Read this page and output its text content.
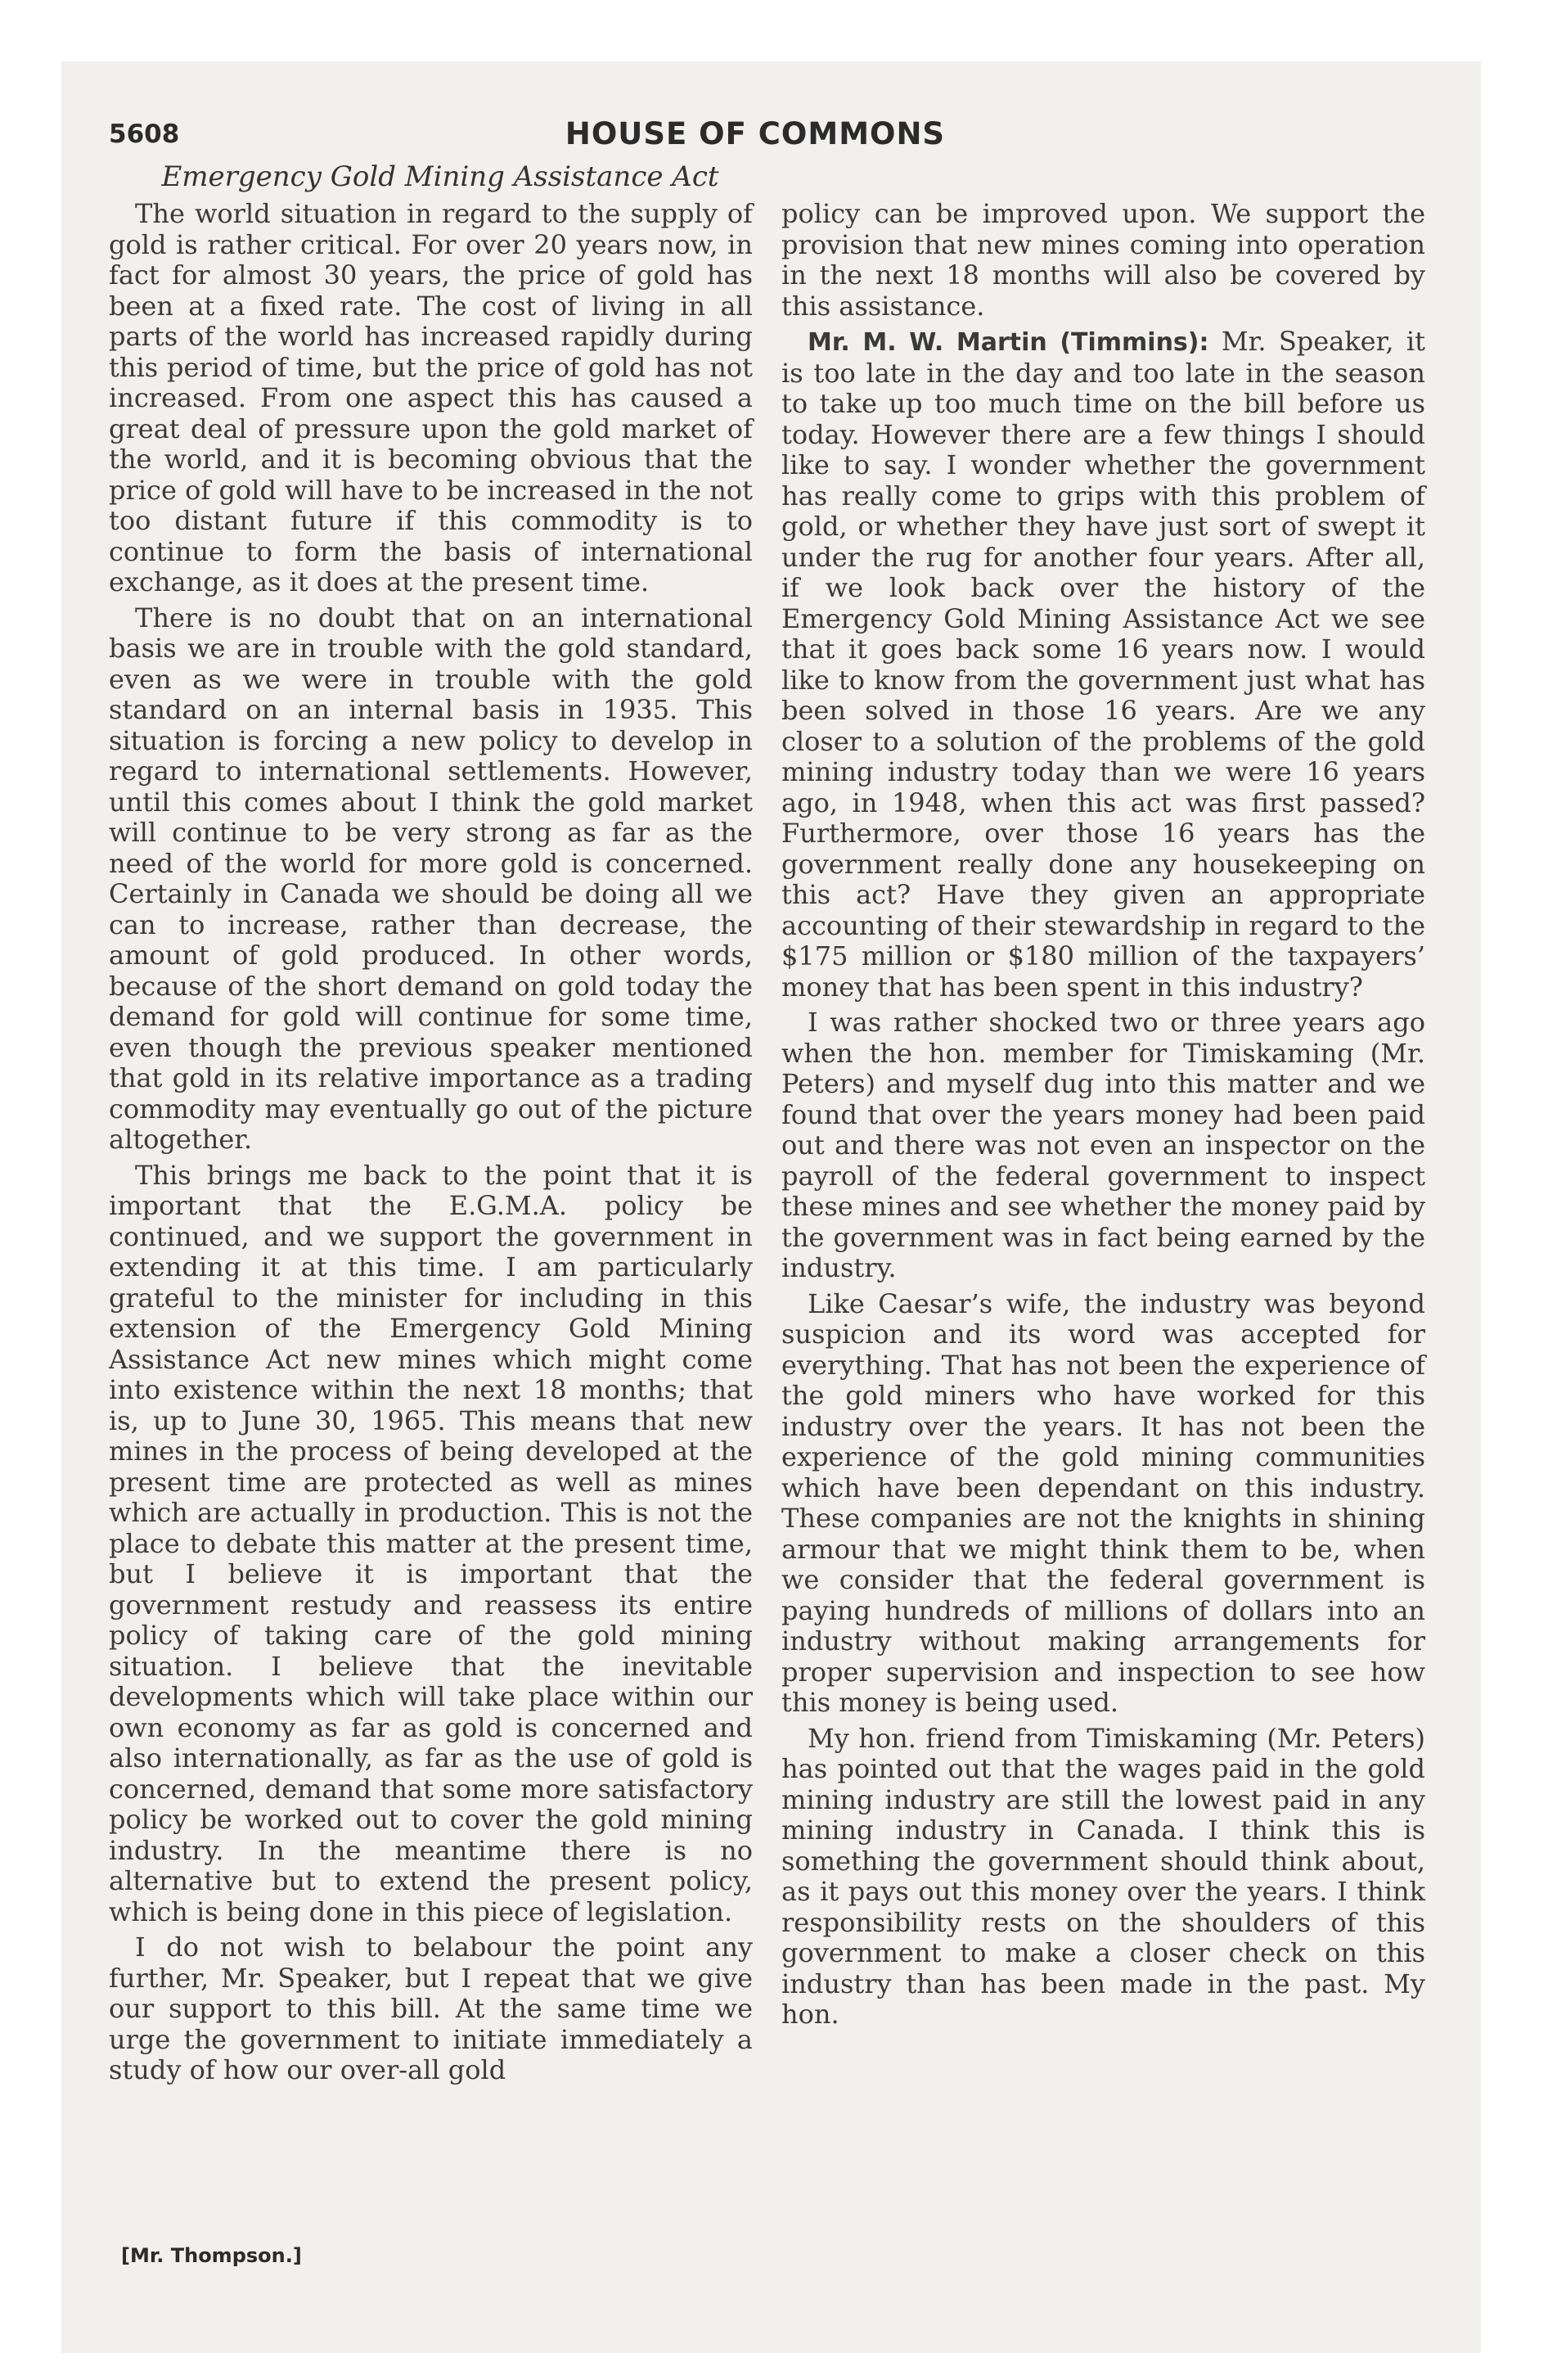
5608	HOUSE OF COMMONS
Emergency Gold Mining Assistance Act

The world situation in regard to the supply of gold is rather critical. For over 20 years now, in fact for almost 30 years, the price of gold has been at a fixed rate. The cost of living in all parts of the world has increased rapidly during this period of time, but the price of gold has not increased. From one aspect this has caused a great deal of pressure upon the gold market of the world, and it is becoming obvious that the price of gold will have to be increased in the not too distant future if this commodity is to continue to form the basis of international exchange, as it does at the present time.

There is no doubt that on an international basis we are in trouble with the gold standard, even as we were in trouble with the gold standard on an internal basis in 1935. This situation is forcing a new policy to develop in regard to international settlements. However, until this comes about I think the gold market will continue to be very strong as far as the need of the world for more gold is concerned. Certainly in Canada we should be doing all we can to increase, rather than decrease, the amount of gold produced. In other words, because of the short demand on gold today the demand for gold will continue for some time, even though the previous speaker mentioned that gold in its relative importance as a trading commodity may eventually go out of the picture altogether.

This brings me back to the point that it is important that the E.G.M.A. policy be continued, and we support the government in extending it at this time. I am particularly grateful to the minister for including in this extension of the Emergency Gold Mining Assistance Act new mines which might come into existence within the next 18 months; that is, up to June 30, 1965. This means that new mines in the process of being developed at the present time are protected as well as mines which are actually in production. This is not the place to debate this matter at the present time, but I believe it is important that the government restudy and reassess its entire policy of taking care of the gold mining situation. I believe that the inevitable developments which will take place within our own economy as far as gold is concerned and also internationally, as far as the use of gold is concerned, demand that some more satisfactory policy be worked out to cover the gold mining industry. In the meantime there is no alternative but to extend the present policy, which is being done in this piece of legislation.

I do not wish to belabour the point any further, Mr. Speaker, but I repeat that we give our support to this bill. At the same time we urge the government to initiate immediately a study of how our over-all gold

policy can be improved upon. We support the provision that new mines coming into operation in the next 18 months will also be covered by this assistance.

Mr. M. W. Martin (Timmins): Mr. Speaker, it is too late in the day and too late in the season to take up too much time on the bill before us today. However there are a few things I should like to say. I wonder whether the government has really come to grips with this problem of gold, or whether they have just sort of swept it under the rug for another four years. After all, if we look back over the history of the Emergency Gold Mining Assistance Act we see that it goes back some 16 years now. I would like to know from the government just what has been solved in those 16 years. Are we any closer to a solution of the problems of the gold mining industry today than we were 16 years ago, in 1948, when this act was first passed? Furthermore, over those 16 years has the government really done any housekeeping on this act? Have they given an appropriate accounting of their stewardship in regard to the $175 million or $180 million of the taxpayers’ money that has been spent in this industry?

I was rather shocked two or three years ago when the hon. member for Timiskaming (Mr. Peters) and myself dug into this matter and we found that over the years money had been paid out and there was not even an inspector on the payroll of the federal government to inspect these mines and see whether the money paid by the government was in fact being earned by the industry.

Like Caesar’s wife, the industry was beyond suspicion and its word was accepted for everything. That has not been the experience of the gold miners who have worked for this industry over the years. It has not been the experience of the gold mining communities which have been dependant on this industry. These companies are not the knights in shining armour that we might think them to be, when we consider that the federal government is paying hundreds of millions of dollars into an industry without making arrangements for proper supervision and inspection to see how this money is being used.

My hon. friend from Timiskaming (Mr. Peters) has pointed out that the wages paid in the gold mining industry are still the lowest paid in any mining industry in Canada. I think this is something the government should think about, as it pays out this money over the years. I think responsibility rests on the shoulders of this government to make a closer check on this industry than has been made in the past. My hon.

[Mr. Thompson.]
